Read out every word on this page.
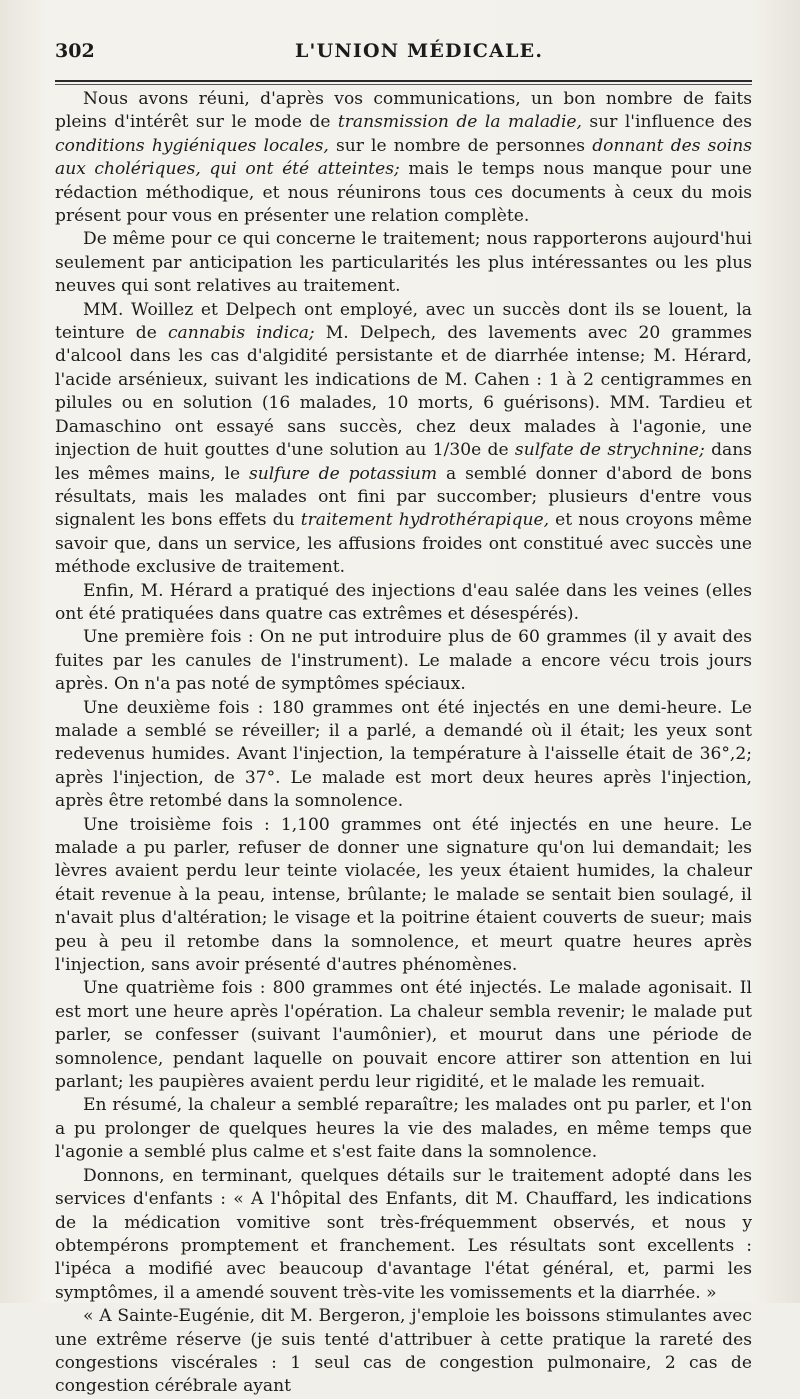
302	L'UNION MÉDICALE.

Nous avons réuni, d'après vos communications, un bon nombre de faits pleins d'intérêt sur le mode de transmission de la maladie, sur l'influence des conditions hygiéniques locales, sur le nombre de personnes donnant des soins aux cholériques, qui ont été atteintes; mais le temps nous manque pour une rédaction méthodique, et nous réunirons tous ces documents à ceux du mois présent pour vous en présenter une relation complète.

De même pour ce qui concerne le traitement; nous rapporterons aujourd'hui seulement par anticipation les particularités les plus intéressantes ou les plus neuves qui sont relatives au traitement.

MM. Woillez et Delpech ont employé, avec un succès dont ils se louent, la teinture de cannabis indica; M. Delpech, des lavements avec 20 grammes d'alcool dans les cas d'algidité persistante et de diarrhée intense; M. Hérard, l'acide arsénieux, suivant les indications de M. Cahen : 1 à 2 centigrammes en pilules ou en solution (16 malades, 10 morts, 6 guérisons). MM. Tardieu et Damaschino ont essayé sans succès, chez deux malades à l'agonie, une injection de huit gouttes d'une solution au 1/30e de sulfate de strychnine; dans les mêmes mains, le sulfure de potassium a semblé donner d'abord de bons résultats, mais les malades ont fini par succomber; plusieurs d'entre vous signalent les bons effets du traitement hydrothérapique, et nous croyons même savoir que, dans un service, les affusions froides ont constitué avec succès une méthode exclusive de traitement.

Enfin, M. Hérard a pratiqué des injections d'eau salée dans les veines (elles ont été pratiquées dans quatre cas extrêmes et désespérés).

Une première fois : On ne put introduire plus de 60 grammes (il y avait des fuites par les canules de l'instrument). Le malade a encore vécu trois jours après. On n'a pas noté de symptômes spéciaux.

Une deuxième fois : 180 grammes ont été injectés en une demi-heure. Le malade a semblé se réveiller; il a parlé, a demandé où il était; les yeux sont redevenus humides. Avant l'injection, la température à l'aisselle était de 36°,2; après l'injection, de 37°. Le malade est mort deux heures après l'injection, après être retombé dans la somnolence.

Une troisième fois : 1,100 grammes ont été injectés en une heure. Le malade a pu parler, refuser de donner une signature qu'on lui demandait; les lèvres avaient perdu leur teinte violacée, les yeux étaient humides, la chaleur était revenue à la peau, intense, brûlante; le malade se sentait bien soulagé, il n'avait plus d'altération; le visage et la poitrine étaient couverts de sueur; mais peu à peu il retombe dans la somnolence, et meurt quatre heures après l'injection, sans avoir présenté d'autres phénomènes.

Une quatrième fois : 800 grammes ont été injectés. Le malade agonisait. Il est mort une heure après l'opération. La chaleur sembla revenir; le malade put parler, se confesser (suivant l'aumônier), et mourut dans une période de somnolence, pendant laquelle on pouvait encore attirer son attention en lui parlant; les paupières avaient perdu leur rigidité, et le malade les remuait.

En résumé, la chaleur a semblé reparaître; les malades ont pu parler, et l'on a pu prolonger de quelques heures la vie des malades, en même temps que l'agonie a semblé plus calme et s'est faite dans la somnolence.

Donnons, en terminant, quelques détails sur le traitement adopté dans les services d'enfants : « A l'hôpital des Enfants, dit M. Chauffard, les indications de la médication vomitive sont très-fréquemment observés, et nous y obtempérons promptement et franchement. Les résultats sont excellents : l'ipéca a modifié avec beaucoup d'avantage l'état général, et, parmi les symptômes, il a amendé souvent très-vite les vomissements et la diarrhée. »

« A Sainte-Eugénie, dit M. Bergeron, j'emploie les boissons stimulantes avec une extrême réserve (je suis tenté d'attribuer à cette pratique la rareté des congestions viscérales : 1 seul cas de congestion pulmonaire, 2 cas de congestion cérébrale ayant
